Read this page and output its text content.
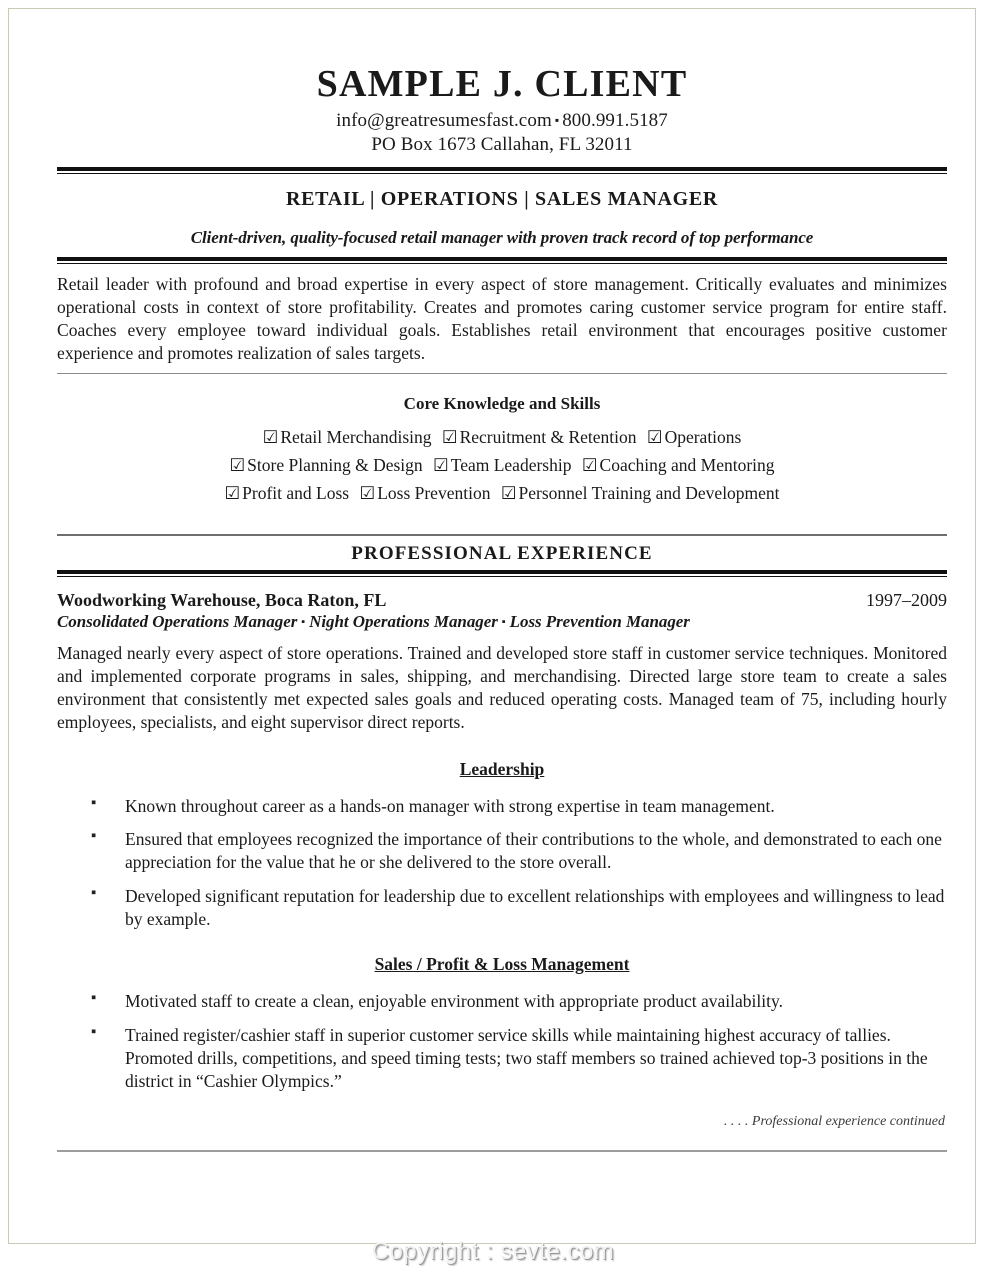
SAMPLE J. CLIENT
info@greatresumesfast.com ▪ 800.991.5187
PO Box 1673 Callahan, FL 32011
RETAIL | OPERATIONS | SALES MANAGER
Client-driven, quality-focused retail manager with proven track record of top performance

Retail leader with profound and broad expertise in every aspect of store management. Critically evaluates and minimizes operational costs in context of store profitability. Creates and promotes caring customer service program for entire staff. Coaches every employee toward individual goals. Establishes retail environment that encourages positive customer experience and promotes realization of sales targets.

Core Knowledge and Skills
☑ Retail Merchandising ☑ Recruitment & Retention ☑ Operations
☑ Store Planning & Design ☑ Team Leadership ☑ Coaching and Mentoring
☑ Profit and Loss ☑ Loss Prevention ☑ Personnel Training and Development
PROFESSIONAL EXPERIENCE
Woodworking Warehouse, Boca Raton, FL	1997–2009
Consolidated Operations Manager ▪ Night Operations Manager ▪ Loss Prevention Manager

Managed nearly every aspect of store operations. Trained and developed store staff in customer service techniques. Monitored and implemented corporate programs in sales, shipping, and merchandising. Directed large store team to create a sales environment that consistently met expected sales goals and reduced operating costs. Managed team of 75, including hourly employees, specialists, and eight supervisor direct reports.

Leadership
▪ Known throughout career as a hands-on manager with strong expertise in team management.
▪ Ensured that employees recognized the importance of their contributions to the whole, and demonstrated to each one appreciation for the value that he or she delivered to the store overall.
▪ Developed significant reputation for leadership due to excellent relationships with employees and willingness to lead by example.
Sales / Profit & Loss Management
▪ Motivated staff to create a clean, enjoyable environment with appropriate product availability.
▪ Trained register/cashier staff in superior customer service skills while maintaining highest accuracy of tallies. Promoted drills, competitions, and speed timing tests; two staff members so trained achieved top-3 positions in the district in “Cashier Olympics.”
. . . . Professional experience continued
Copyright : sevte.com
